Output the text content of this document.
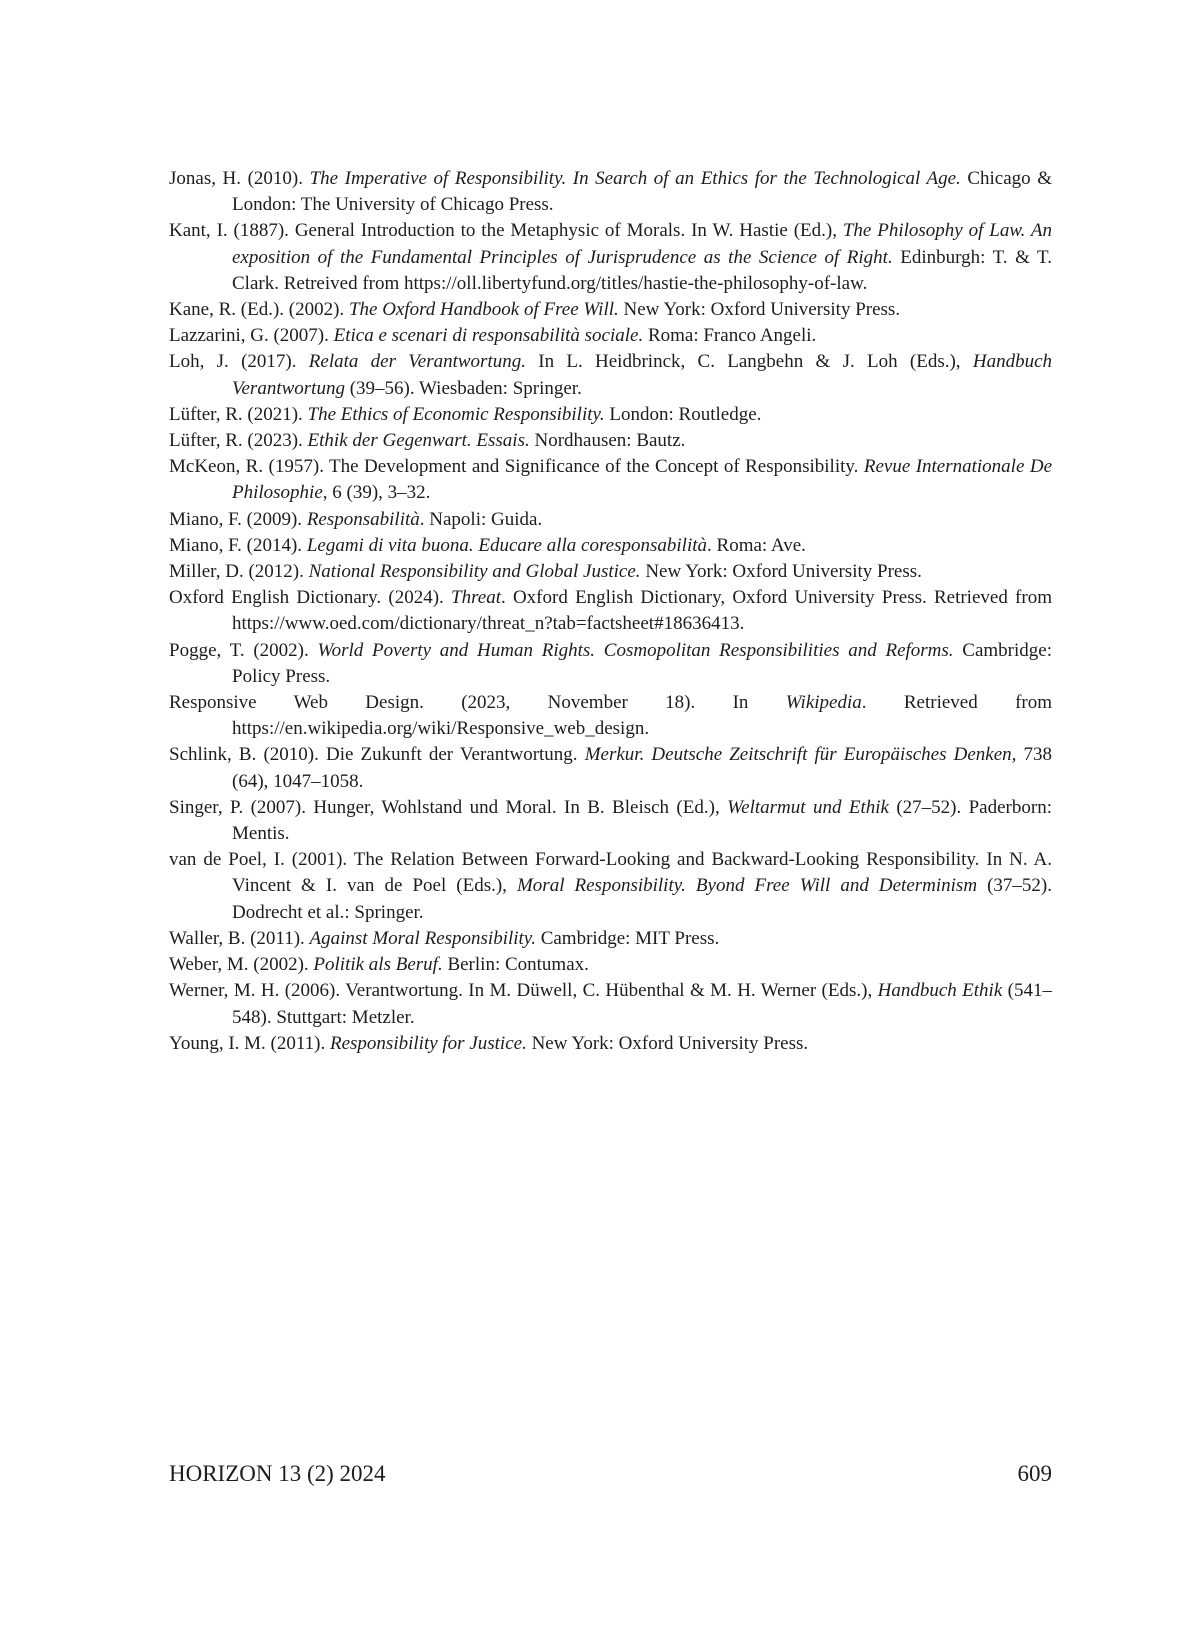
Jonas, H. (2010). The Imperative of Responsibility. In Search of an Ethics for the Technological Age. Chicago & London: The University of Chicago Press.

Kant, I. (1887). General Introduction to the Metaphysic of Morals. In W. Hastie (Ed.), The Philosophy of Law. An exposition of the Fundamental Principles of Jurisprudence as the Science of Right. Edinburgh: T. & T. Clark. Retreived from https://oll.libertyfund.org/titles/hastie-the-philosophy-of-law.

Kane, R. (Ed.). (2002). The Oxford Handbook of Free Will. New York: Oxford University Press.

Lazzarini, G. (2007). Etica e scenari di responsabilità sociale. Roma: Franco Angeli.

Loh, J. (2017). Relata der Verantwortung. In L. Heidbrinck, C. Langbehn & J. Loh (Eds.), Handbuch Verantwortung (39–56). Wiesbaden: Springer.

Lüfter, R. (2021). The Ethics of Economic Responsibility. London: Routledge.

Lüfter, R. (2023). Ethik der Gegenwart. Essais. Nordhausen: Bautz.

McKeon, R. (1957). The Development and Significance of the Concept of Responsibility. Revue Internationale De Philosophie, 6 (39), 3–32.

Miano, F. (2009). Responsabilità. Napoli: Guida.

Miano, F. (2014). Legami di vita buona. Educare alla coresponsabilità. Roma: Ave.

Miller, D. (2012). National Responsibility and Global Justice. New York: Oxford University Press.

Oxford English Dictionary. (2024). Threat. Oxford English Dictionary, Oxford University Press. Retrieved from https://www.oed.com/dictionary/threat_n?tab=factsheet#18636413.

Pogge, T. (2002). World Poverty and Human Rights. Cosmopolitan Responsibilities and Reforms. Cambridge: Policy Press.

Responsive Web Design. (2023, November 18). In Wikipedia. Retrieved from https://en.wikipedia.org/wiki/Responsive_web_design.

Schlink, B. (2010). Die Zukunft der Verantwortung. Merkur. Deutsche Zeitschrift für Europäisches Denken, 738 (64), 1047–1058.

Singer, P. (2007). Hunger, Wohlstand und Moral. In B. Bleisch (Ed.), Weltarmut und Ethik (27–52). Paderborn: Mentis.

van de Poel, I. (2001). The Relation Between Forward-Looking and Backward-Looking Responsibility. In N. A. Vincent & I. van de Poel (Eds.), Moral Responsibility. Byond Free Will and Determinism (37–52). Dodrecht et al.: Springer.

Waller, B. (2011). Against Moral Responsibility. Cambridge: MIT Press.

Weber, M. (2002). Politik als Beruf. Berlin: Contumax.

Werner, M. H. (2006). Verantwortung. In M. Düwell, C. Hübenthal & M. H. Werner (Eds.), Handbuch Ethik (541–548). Stuttgart: Metzler.

Young, I. M. (2011). Responsibility for Justice. New York: Oxford University Press.

HORIZON 13 (2) 2024	609
